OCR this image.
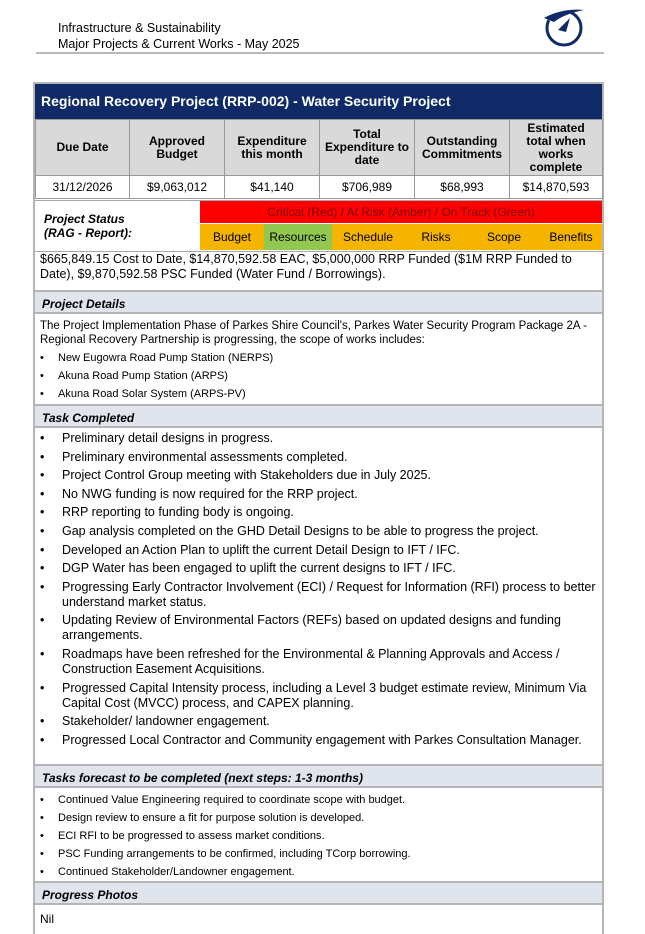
Infrastructure & Sustainability
Major Projects & Current Works - May 2025
Regional Recovery Project (RRP-002) - Water Security Project
Due Date	Approved Budget	Expenditure this month	Total Expenditure to date	Outstanding Commitments	Estimated total when works complete
31/12/2026	$9,063,012	$41,140	$706,989	$68,993	$14,870,593
Project Status
(RAG - Report):
Critical (Red) / At Risk (Amber) / On Track (Green)
Budget	Resources	Schedule	Risks	Scope	Benefits
$665,849.15 Cost to Date, $14,870,592.58 EAC, $5,000,000 RRP Funded ($1M RRP Funded to Date), $9,870,592.58 PSC Funded (Water Fund / Borrowings).
Project Details
The Project Implementation Phase of Parkes Shire Council's, Parkes Water Security Program Package 2A - Regional Recovery Partnership is progressing, the scope of works includes:
• New Eugowra Road Pump Station (NERPS)
• Akuna Road Pump Station (ARPS)
• Akuna Road Solar System (ARPS-PV)
Task Completed
• Preliminary detail designs in progress.
• Preliminary environmental assessments completed.
• Project Control Group meeting with Stakeholders due in July 2025.
• No NWG funding is now required for the RRP project.
• RRP reporting to funding body is ongoing.
• Gap analysis completed on the GHD Detail Designs to be able to progress the project.
• Developed an Action Plan to uplift the current Detail Design to IFT / IFC.
• DGP Water has been engaged to uplift the current designs to IFT / IFC.
• Progressing Early Contractor Involvement (ECI) / Request for Information (RFI) process to better understand market status.
• Updating Review of Environmental Factors (REFs) based on updated designs and funding arrangements.
• Roadmaps have been refreshed for the Environmental & Planning Approvals and Access / Construction Easement Acquisitions.
• Progressed Capital Intensity process, including a Level 3 budget estimate review, Minimum Via Capital Cost (MVCC) process, and CAPEX planning.
• Stakeholder/ landowner engagement.
• Progressed Local Contractor and Community engagement with Parkes Consultation Manager.
Tasks forecast to be completed (next steps: 1-3 months)
• Continued Value Engineering required to coordinate scope with budget.
• Design review to ensure a fit for purpose solution is developed.
• ECI RFI to be progressed to assess market conditions.
• PSC Funding arrangements to be confirmed, including TCorp borrowing.
• Continued Stakeholder/Landowner engagement.
Progress Photos
Nil
